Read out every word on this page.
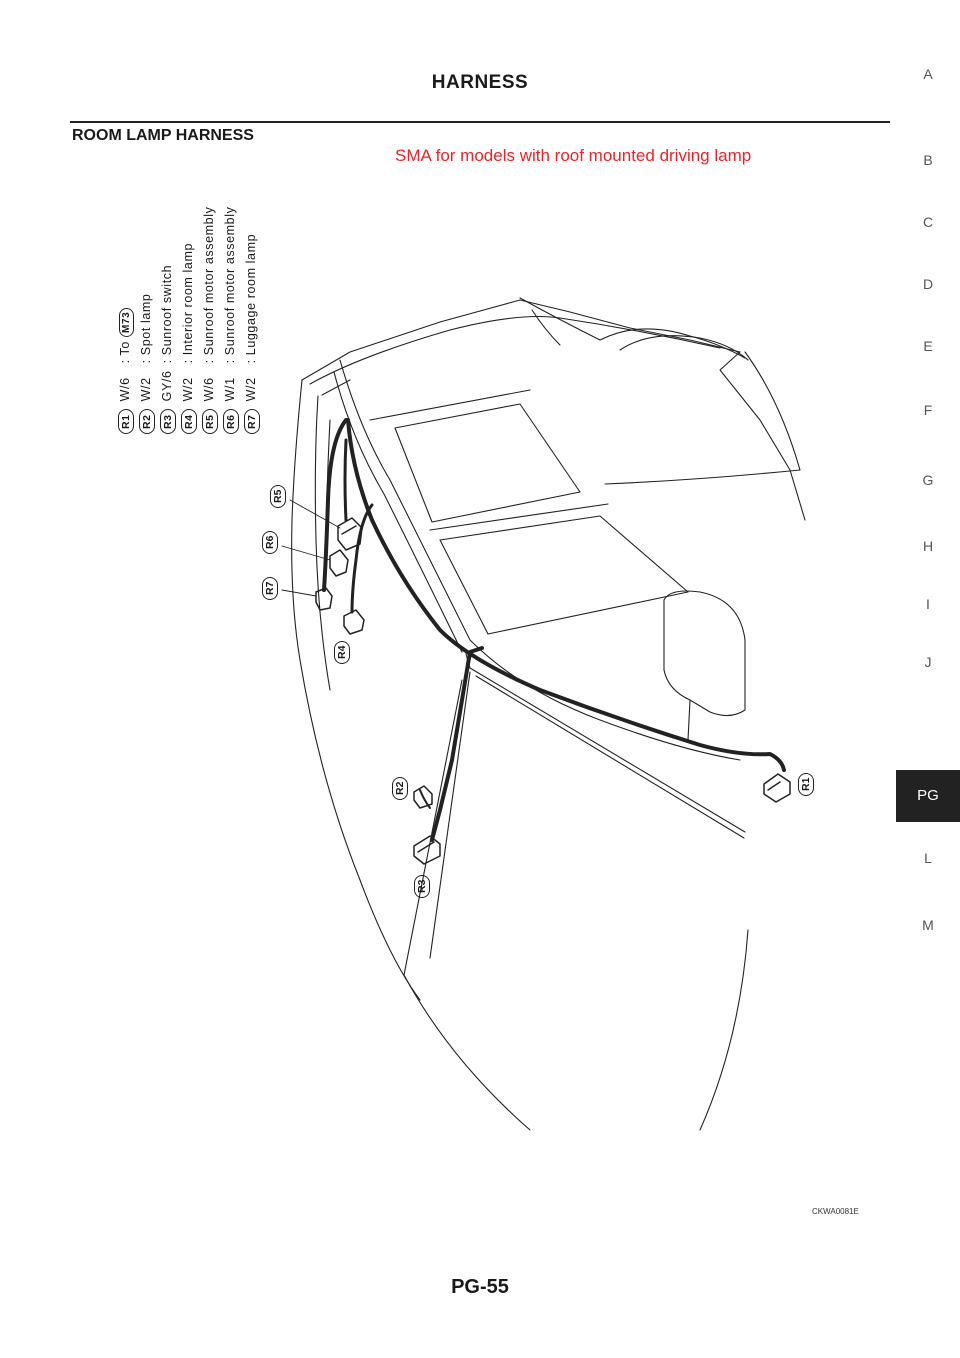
HARNESS
ROOM LAMP HARNESS
SMA for models with roof mounted driving lamp
A
B
C
D
E
F
G
H
I
J
PG
L
M
R1W/6: To M73
R2W/2: Spot lamp
R3GY/6: Sunroof switch
R4W/2: Interior room lamp
R5W/6: Sunroof motor assembly
R6W/1: Sunroof motor assembly
R7W/2: Luggage room lamp
R5
R6
R7
R4
R2
R3
R1
CKWA0081E
PG-55
